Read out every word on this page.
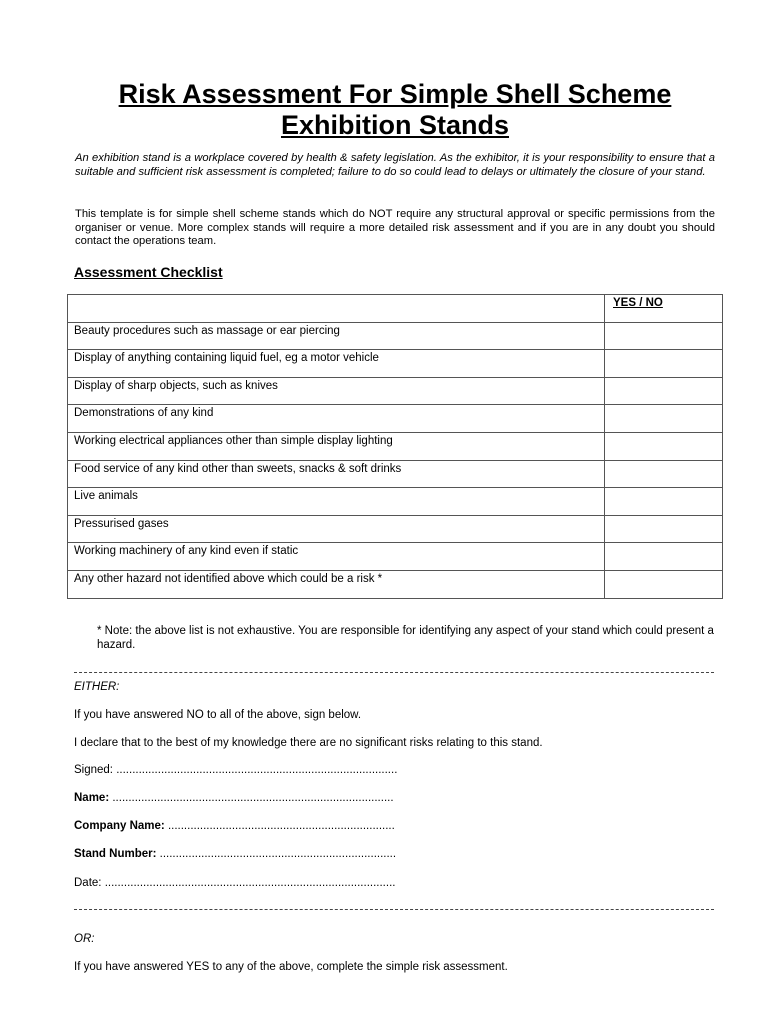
Risk Assessment For Simple Shell Scheme
Exhibition Stands
An exhibition stand is a workplace covered by health & safety legislation. As the exhibitor, it is your responsibility to ensure that a suitable and sufficient risk assessment is completed; failure to do so could lead to delays or ultimately the closure of your stand.
This template is for simple shell scheme stands which do NOT require any structural approval or specific permissions from the organiser or venue. More complex stands will require a more detailed risk assessment and if you are in any doubt you should contact the operations team.
Assessment Checklist
	YES / NO
Beauty procedures such as massage or ear piercing	
Display of anything containing liquid fuel, eg a motor vehicle	
Display of sharp objects, such as knives	
Demonstrations of any kind	
Working electrical appliances other than simple display lighting	
Food service of any kind other than sweets, snacks & soft drinks	
Live animals	
Pressurised gases	
Working machinery of any kind even if static	
Any other hazard not identified above which could be a risk *	
* Note: the above list is not exhaustive. You are responsible for identifying any aspect of your stand which could present a hazard.
EITHER:
If you have answered NO to all of the above, sign below.
I declare that to the best of my knowledge there are no significant risks relating to this stand.
Signed: ........................................................................................
Name: ........................................................................................
Company Name: .......................................................................
Stand Number: ..........................................................................
Date: ...........................................................................................
OR:
If you have answered YES to any of the above, complete the simple risk assessment.
